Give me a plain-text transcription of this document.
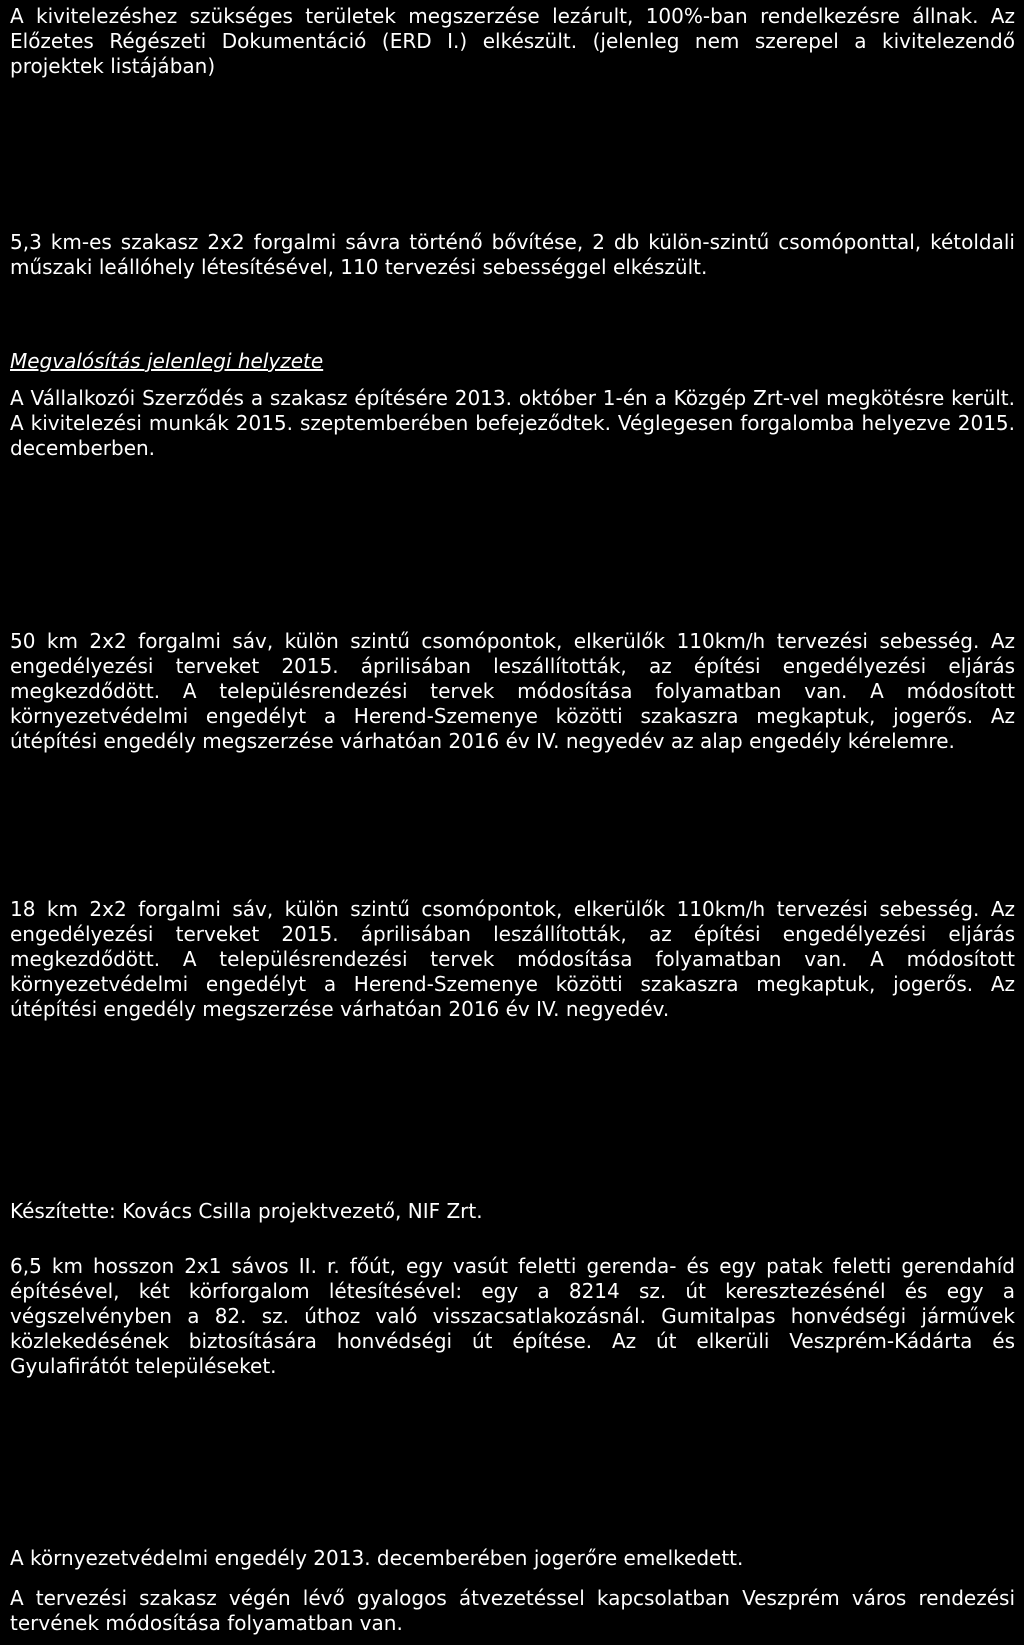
A kivitelezéshez szükséges területek megszerzése lezárult, 100%-ban rendelkezésre állnak. Az Előzetes Régészeti Dokumentáció (ERD I.) elkészült. (jelenleg nem szerepel a kivitelezendő projektek listájában)

5,3 km-es szakasz 2x2 forgalmi sávra történő bővítése, 2 db külön-szintű csomóponttal, kétoldali műszaki leállóhely létesítésével, 110 tervezési sebességgel elkészült.

Megvalósítás jelenlegi helyzete

A Vállalkozói Szerződés a szakasz építésére 2013. október 1-én a Közgép Zrt-vel megkötésre került. A kivitelezési munkák 2015. szeptemberében befejeződtek. Véglegesen forgalomba helyezve 2015. decemberben.

50 km 2x2 forgalmi sáv, külön szintű csomópontok, elkerülők 110km/h tervezési sebesség. Az engedélyezési terveket 2015. áprilisában leszállították, az építési engedélyezési eljárás megkezdődött. A településrendezési tervek módosítása folyamatban van. A módosított környezetvédelmi engedélyt a Herend-Szemenye közötti szakaszra megkaptuk, jogerős. Az útépítési engedély megszerzése várhatóan 2016 év IV. negyedév az alap engedély kérelemre.

18 km 2x2 forgalmi sáv, külön szintű csomópontok, elkerülők 110km/h tervezési sebesség. Az engedélyezési terveket 2015. áprilisában leszállították, az építési engedélyezési eljárás megkezdődött. A településrendezési tervek módosítása folyamatban van. A módosított környezetvédelmi engedélyt a Herend-Szemenye közötti szakaszra megkaptuk, jogerős. Az útépítési engedély megszerzése várhatóan 2016 év IV. negyedév.

Készítette: Kovács Csilla projektvezető, NIF Zrt.

6,5 km hosszon 2x1 sávos II. r. főút, egy vasút feletti gerenda- és egy patak feletti gerendahíd építésével, két körforgalom létesítésével: egy a 8214 sz. út keresztezésénél és egy a végszelvényben a 82. sz. úthoz való visszacsatlakozásnál. Gumitalpas honvédségi járművek közlekedésének biztosítására honvédségi út építése. Az út elkerüli Veszprém-Kádárta és Gyulafirátót településeket.

A környezetvédelmi engedély 2013. decemberében jogerőre emelkedett.

A tervezési szakasz végén lévő gyalogos átvezetéssel kapcsolatban Veszprém város rendezési tervének módosítása folyamatban van.
